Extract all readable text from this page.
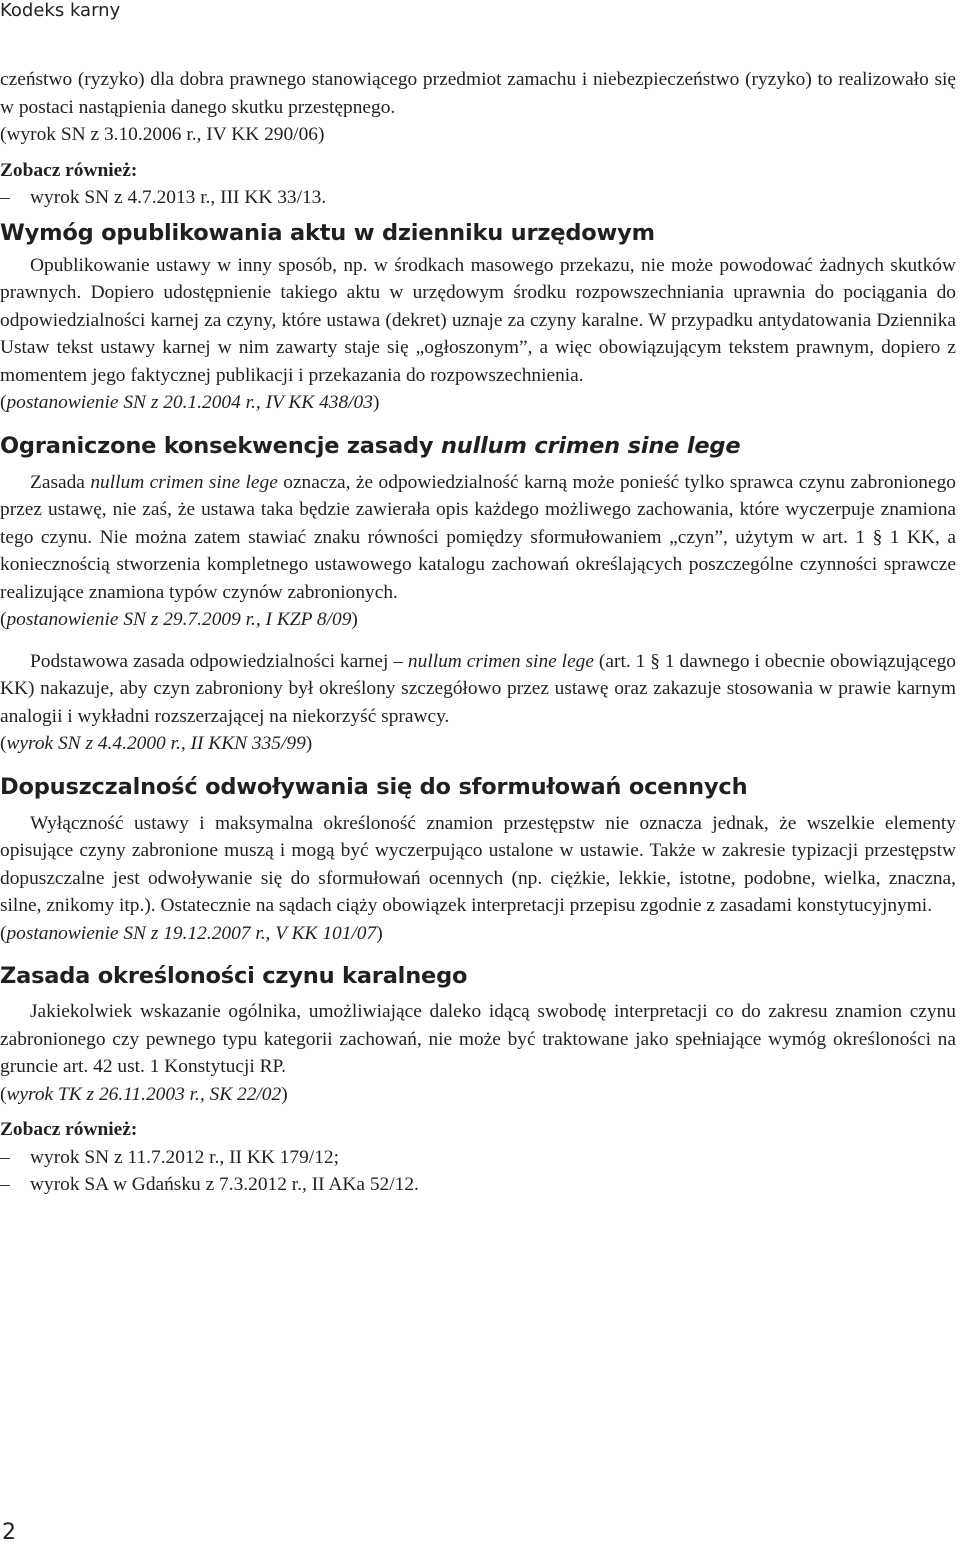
Kodeks karny

czeństwo (ryzyko) dla dobra prawnego stanowiącego przedmiot zamachu i niebezpieczeństwo (ryzyko) to realizowało się w postaci nastąpienia danego skutku przestępnego.

(wyrok SN z 3.10.2006 r., IV KK 290/06)

Zobacz również:

– wyrok SN z 4.7.2013 r., III KK 33/13.
Wymóg opublikowania aktu w dzienniku urzędowym

Opublikowanie ustawy w inny sposób, np. w środkach masowego przekazu, nie może powodować żadnych skutków prawnych. Dopiero udostępnienie takiego aktu w urzędowym środku rozpowszechniania uprawnia do pociągania do odpowiedzialności karnej za czyny, które ustawa (dekret) uznaje za czyny karalne. W przypadku antydatowania Dziennika Ustaw tekst ustawy karnej w nim zawarty staje się „ogłoszonym”, a więc obowiązującym tekstem prawnym, dopiero z momentem jego faktycznej publikacji i przekazania do rozpowszechnienia.

(postanowienie SN z 20.1.2004 r., IV KK 438/03)

Ograniczone konsekwencje zasady nullum crimen sine lege

Zasada nullum crimen sine lege oznacza, że odpowiedzialność karną może ponieść tylko sprawca czynu zabronionego przez ustawę, nie zaś, że ustawa taka będzie zawierała opis każdego możliwego zachowania, które wyczerpuje znamiona tego czynu. Nie można zatem stawiać znaku równości pomiędzy sformułowaniem „czyn”, użytym w art. 1 § 1 KK, a koniecznością stworzenia kompletnego ustawowego katalogu zachowań określających poszczególne czynności sprawcze realizujące znamiona typów czynów zabronionych.

(postanowienie SN z 29.7.2009 r., I KZP 8/09)

Podstawowa zasada odpowiedzialności karnej – nullum crimen sine lege (art. 1 § 1 dawnego i obecnie obowiązującego KK) nakazuje, aby czyn zabroniony był określony szczegółowo przez ustawę oraz zakazuje stosowania w prawie karnym analogii i wykładni rozszerzającej na niekorzyść sprawcy.

(wyrok SN z 4.4.2000 r., II KKN 335/99)

Dopuszczalność odwoływania się do sformułowań ocennych

Wyłączność ustawy i maksymalna określoność znamion przestępstw nie oznacza jednak, że wszelkie elementy opisujące czyny zabronione muszą i mogą być wyczerpująco ustalone w ustawie. Także w zakresie typizacji przestępstw dopuszczalne jest odwoływanie się do sformułowań ocennych (np. ciężkie, lekkie, istotne, podobne, wielka, znaczna, silne, znikomy itp.). Ostatecznie na sądach ciąży obowiązek interpretacji przepisu zgodnie z zasadami konstytucyjnymi.

(postanowienie SN z 19.12.2007 r., V KK 101/07)

Zasada określoności czynu karalnego

Jakiekolwiek wskazanie ogólnika, umożliwiające daleko idącą swobodę interpretacji co do zakresu znamion czynu zabronionego czy pewnego typu kategorii zachowań, nie może być traktowane jako spełniające wymóg określoności na gruncie art. 42 ust. 1 Konstytucji RP.

(wyrok TK z 26.11.2003 r., SK 22/02)

Zobacz również:

– wyrok SN z 11.7.2012 r., II KK 179/12;
– wyrok SA w Gdańsku z 7.3.2012 r., II AKa 52/12.
2
